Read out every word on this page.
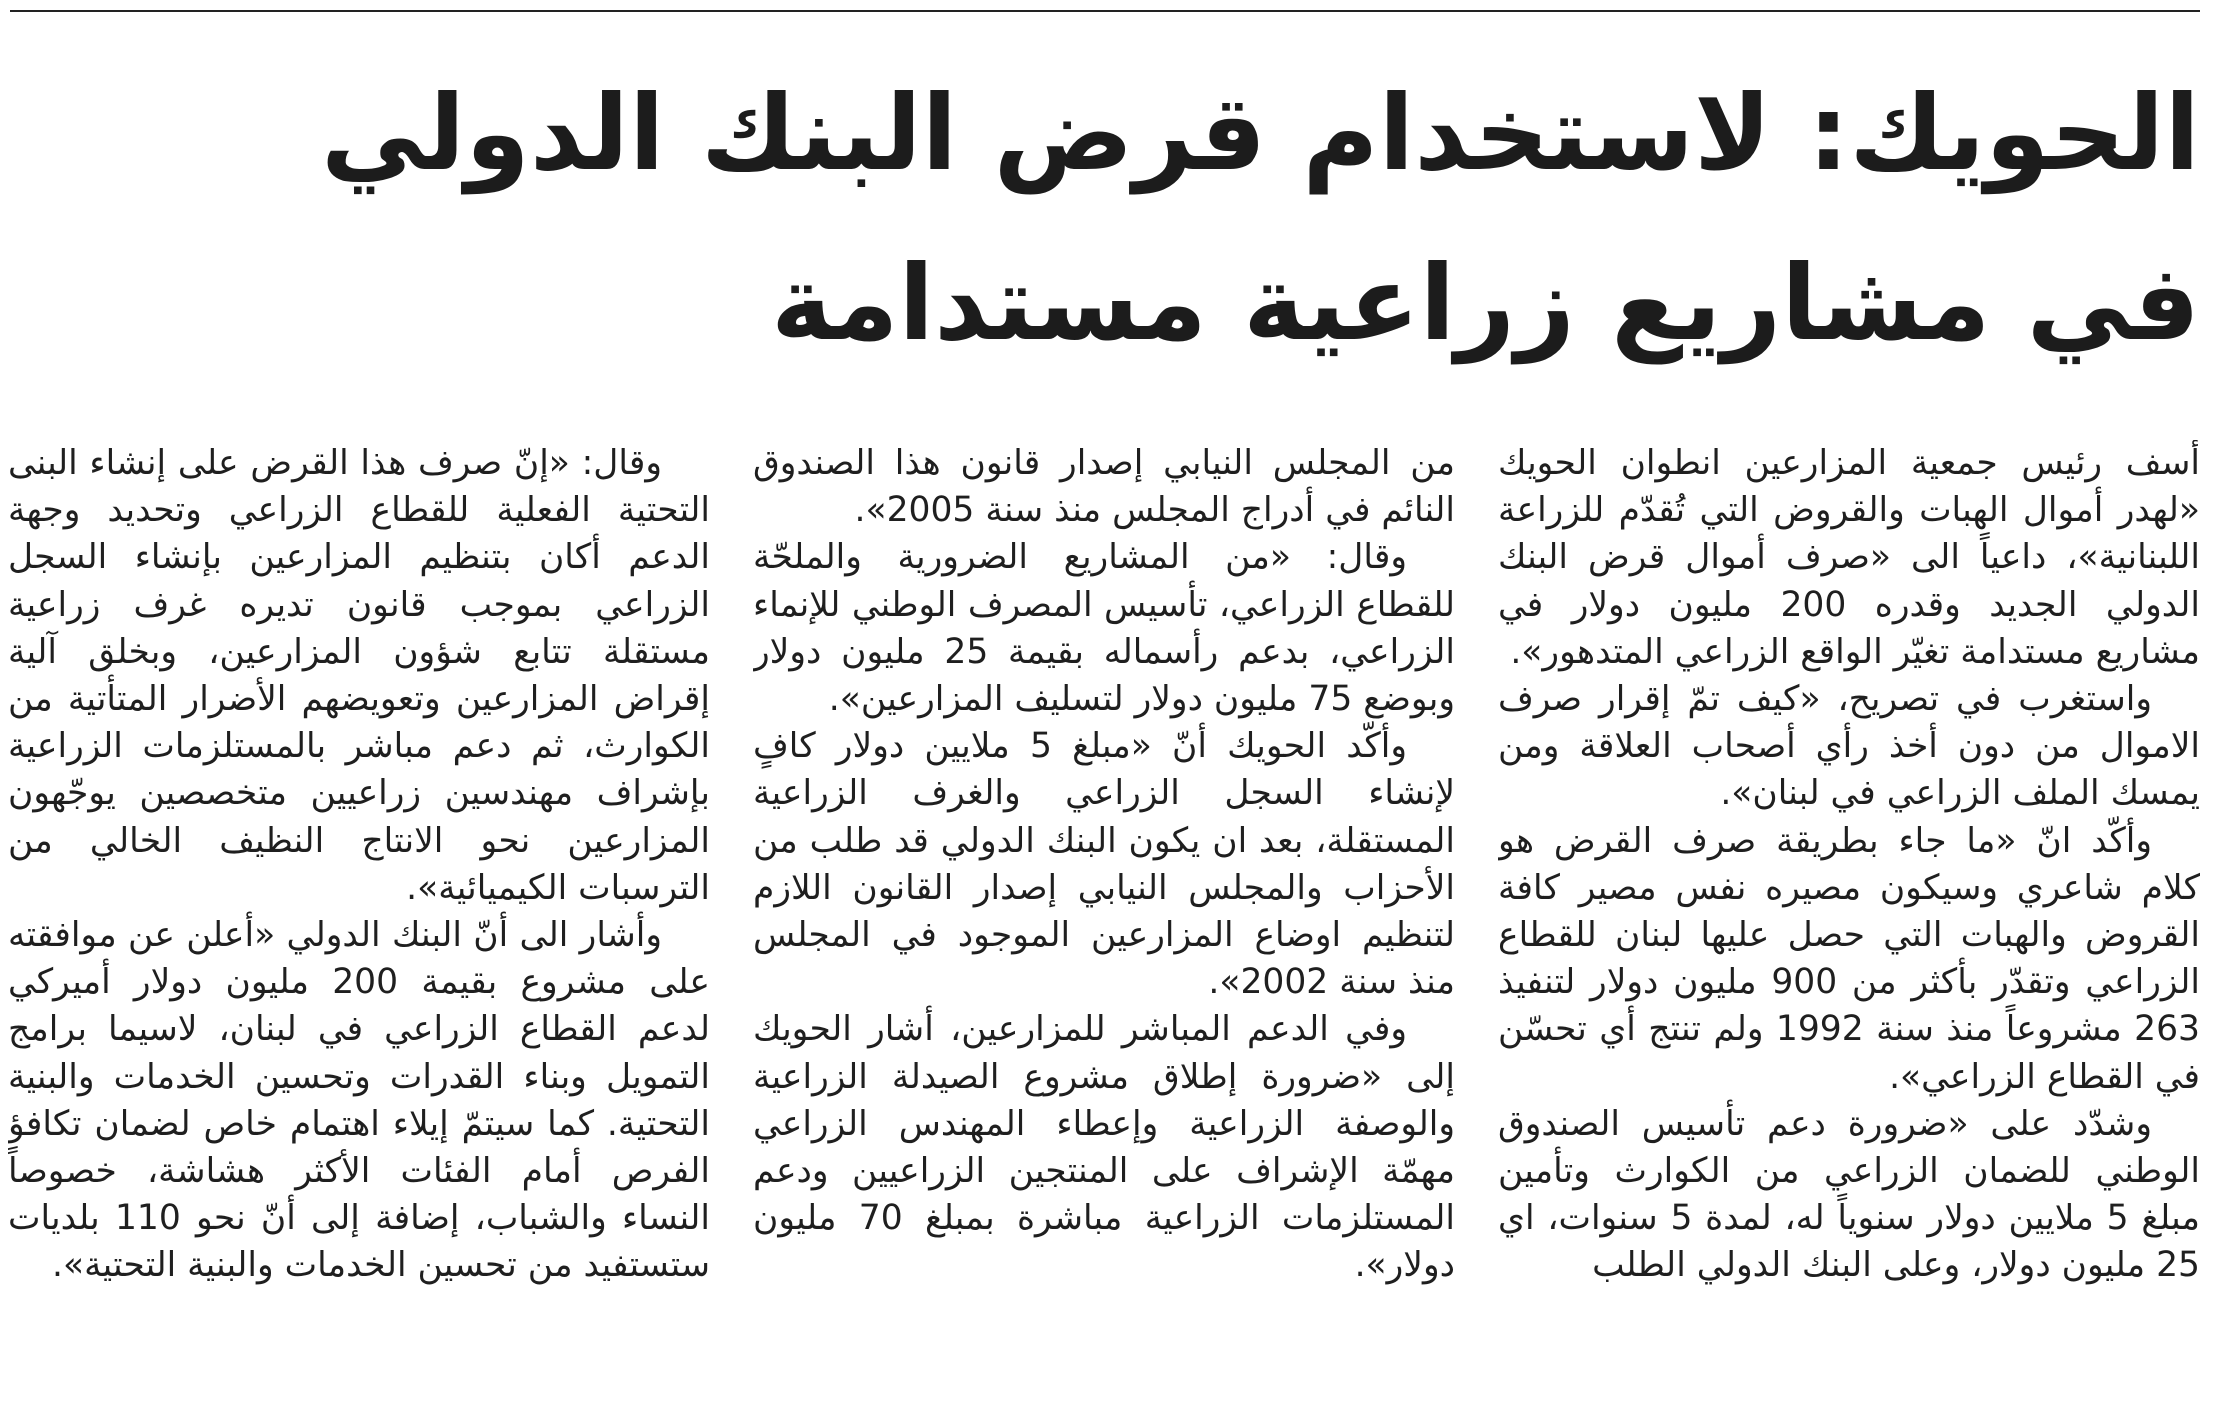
الحويك: لاستخدام قرض البنك الدولي
في مشاريع زراعية مستدامة

أسف رئيس جمعية المزارعين انطوان الحويك «لهدر أموال الهبات والقروض التي تُقدّم للزراعة اللبنانية»، داعياً الى «صرف أموال قرض البنك الدولي الجديد وقدره 200 مليون دولار في مشاريع مستدامة تغيّر الواقع الزراعي المتدهور».

واستغرب في تصريح، «كيف تمّ إقرار صرف الاموال من دون أخذ رأي أصحاب العلاقة ومن يمسك الملف الزراعي في لبنان».

وأكّد انّ «ما جاء بطريقة صرف القرض هو كلام شاعري وسيكون مصيره نفس مصير كافة القروض والهبات التي حصل عليها لبنان للقطاع الزراعي وتقدّر بأكثر من 900 مليون دولار لتنفيذ 263 مشروعاً منذ سنة 1992 ولم تنتج أي تحسّن في القطاع الزراعي».

وشدّد على «ضرورة دعم تأسيس الصندوق الوطني للضمان الزراعي من الكوارث وتأمين مبلغ 5 ملايين دولار سنوياً له، لمدة 5 سنوات، اي 25 مليون دولار، وعلى البنك الدولي الطلب

من المجلس النيابي إصدار قانون هذا الصندوق النائم في أدراج المجلس منذ سنة 2005».

وقال: «من المشاريع الضرورية والملحّة للقطاع الزراعي، تأسيس المصرف الوطني للإنماء الزراعي، بدعم رأسماله بقيمة 25 مليون دولار وبوضع 75 مليون دولار لتسليف المزارعين».

وأكّد الحويك أنّ «مبلغ 5 ملايين دولار كافٍ لإنشاء السجل الزراعي والغرف الزراعية المستقلة، بعد ان يكون البنك الدولي قد طلب من الأحزاب والمجلس النيابي إصدار القانون اللازم لتنظيم اوضاع المزارعين الموجود في المجلس منذ سنة 2002».

وفي الدعم المباشر للمزارعين، أشار الحويك إلى «ضرورة إطلاق مشروع الصيدلة الزراعية والوصفة الزراعية وإعطاء المهندس الزراعي مهمّة الإشراف على المنتجين الزراعيين ودعم المستلزمات الزراعية مباشرة بمبلغ 70 مليون دولار».

وقال: «إنّ صرف هذا القرض على إنشاء البنى التحتية الفعلية للقطاع الزراعي وتحديد وجهة الدعم أكان بتنظيم المزارعين بإنشاء السجل الزراعي بموجب قانون تديره غرف زراعية مستقلة تتابع شؤون المزارعين، وبخلق آلية إقراض المزارعين وتعويضهم الأضرار المتأتية من الكوارث، ثم دعم مباشر بالمستلزمات الزراعية بإشراف مهندسين زراعيين متخصصين يوجّهون المزارعين نحو الانتاج النظيف الخالي من الترسبات الكيميائية».

وأشار الى أنّ البنك الدولي «أعلن عن موافقته على مشروع بقيمة 200 مليون دولار أميركي لدعم القطاع الزراعي في لبنان، لاسيما برامج التمويل وبناء القدرات وتحسين الخدمات والبنية التحتية. كما سيتمّ إيلاء اهتمام خاص لضمان تكافؤ الفرص أمام الفئات الأكثر هشاشة، خصوصاً النساء والشباب، إضافة إلى أنّ نحو 110 بلديات ستستفيد من تحسين الخدمات والبنية التحتية».
